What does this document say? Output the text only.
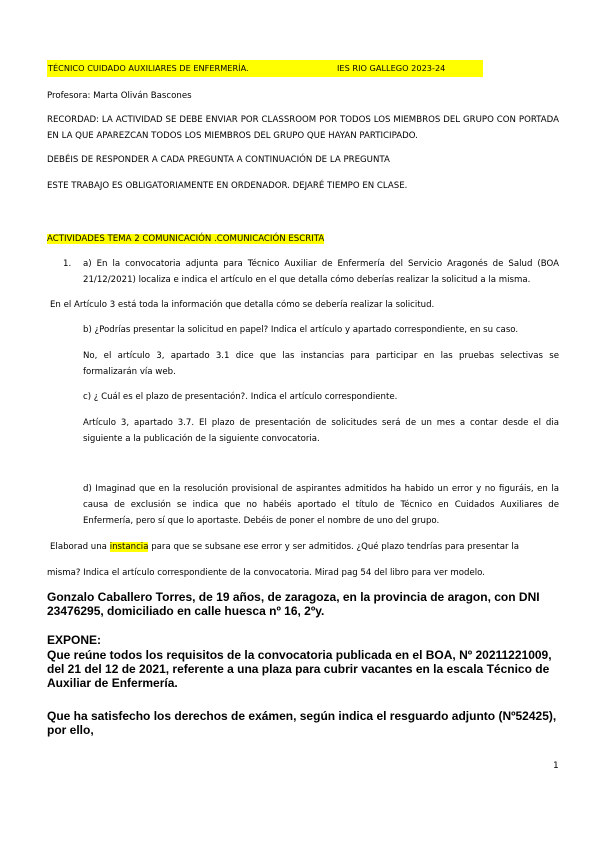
TÉCNICO CUIDADO AUXILIARES DE ENFERMERÍA.	IES RIO GALLEGO 2023-24

Profesora: Marta Oliván Bascones

RECORDAD: LA ACTIVIDAD SE DEBE ENVIAR POR CLASSROOM POR TODOS LOS MIEMBROS DEL GRUPO CON PORTADA EN LA QUE APAREZCAN TODOS LOS MIEMBROS DEL GRUPO QUE HAYAN PARTICIPADO.

DEBÉIS DE RESPONDER A CADA PREGUNTA A CONTINUACIÓN DE LA PREGUNTA

ESTE TRABAJO ES OBLIGATORIAMENTE EN ORDENADOR. DEJARÉ TIEMPO EN CLASE.

ACTIVIDADES TEMA 2 COMUNICACIÓN .COMUNICACIÓN ESCRITA

1. a) En la convocatoria adjunta para Técnico Auxiliar de Enfermería del Servicio Aragonés de Salud (BOA 21/12/2021) localiza e indica el artículo en el que detalla cómo deberías realizar la solicitud a la misma.

En el Artículo 3 está toda la información que detalla cómo se debería realizar la solicitud.

b) ¿Podrías presentar la solicitud en papel? Indica el artículo y apartado correspondiente, en su caso.

No, el artículo 3, apartado 3.1 dice que las instancias para participar en las pruebas selectivas se formalizarán vía web.

c) ¿ Cuál es el plazo de presentación?. Indica el artículo correspondiente.

Artículo 3, apartado 3.7. El plazo de presentación de solicitudes será de un mes a contar desde el dia siguiente a la publicación de la siguiente convocatoria.

d) Imaginad que en la resolución provisional de aspirantes admitidos ha habido un error y no figuráis, en la causa de exclusión se indica que no habéis aportado el título de Técnico en Cuidados Auxiliares de Enfermería, pero sí que lo aportaste. Debéis de poner el nombre de uno del grupo.

Elaborad una instancia para que se subsane ese error y ser admitidos. ¿Qué plazo tendrías para presentar la

misma? Indica el artículo correspondiente de la convocatoria. Mirad pag 54 del libro para ver modelo.

Gonzalo Caballero Torres, de 19 años, de zaragoza, en la provincia de aragon, con DNI 23476295, domiciliado en calle huesca nº 16, 2ºy.

EXPONE:

Que reúne todos los requisitos de la convocatoria publicada en el BOA, Nº 20211221009, del 21 del 12 de 2021, referente a una plaza para cubrir vacantes en la escala Técnico de Auxiliar de Enfermería.

Que ha satisfecho los derechos de exámen, según indica el resguardo adjunto (Nº52425), por ello,

1
